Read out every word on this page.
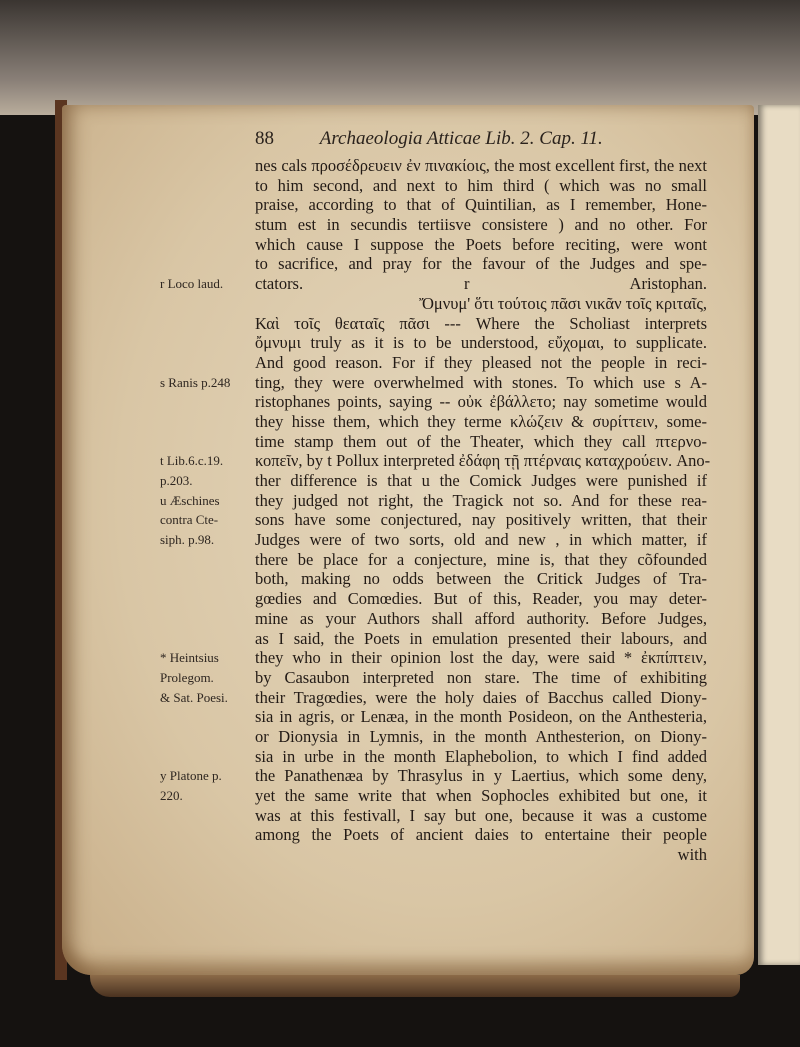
88 Archaeologia Atticae Lib. 2. Cap. 11.
nes cals προσέδρευειν ἐν πινακίοις, the most excellent first, the next
to him second, and next to him third ( which was no small
praise, according to that of Quintilian, as I remember, Hone-
stum est in secundis tertiisve consistere ) and no other. For
which cause I suppose the Poets before reciting, were wont
to sacrifice, and pray for the favour of the Judges and spe-
r Loco laud.	ctators. r Aristophan.
Ὄμνυμ' ὅτι τούτοις πᾶσι νικᾶν τοῖς κριταῖς,
Καὶ τοῖς θεαταῖς πᾶσι --- Where the Scholiast interprets
ὄμνυμι truly as it is to be understood, εὔχομαι, to supplicate.
And good reason. For if they pleased not the people in reci-
s Ranis p.248	ting, they were overwhelmed with stones. To which use s A-
ristophanes points, saying -- οὐκ ἐβάλλετο; nay sometime would
they hisse them, which they terme κλώζειν & συρίττειν, some-
time stamp them out of the Theater, which they call πτερνο-
t Lib.6.c.19.	κοπεῖν, by t Pollux interpreted ἐδάφη τῇ πτέρναις καταχρούειν. Ano-
p.203.	ther difference is that u the Comick Judges were punished if
u Æschines	they judged not right, the Tragick not so. And for these rea-
contra Cte-	sons have some conjectured, nay positively written, that their
siph. p.98.	Judges were of two sorts, old and new , in which matter, if
there be place for a conjecture, mine is, that they cõfounded
both, making no odds between the Critick Judges of Tra-
gœdies and Comœdies. But of this, Reader, you may deter-
mine as your Authors shall afford authority. Before Judges,
as I said, the Poets in emulation presented their labours, and
* Heintsius	they who in their opinion lost the day, were said * ἐκπίπτειν,
Prolegom.	by Casaubon interpreted non stare. The time of exhibiting
& Sat. Poesi.	their Tragœdies, were the holy daies of Bacchus called Diony-
sia in agris, or Lenæa, in the month Posideon, on the Anthesteria,
or Dionysia in Lymnis, in the month Anthesterion, on Diony-
sia in urbe in the month Elaphebolion, to which I find added
y Platone p.	the Panathenæa by Thrasylus in y Laertius, which some deny,
220.	yet the same write that when Sophocles exhibited but one, it
was at this festivall, I say but one, because it was a custome
among the Poets of ancient daies to entertaine their people
with
